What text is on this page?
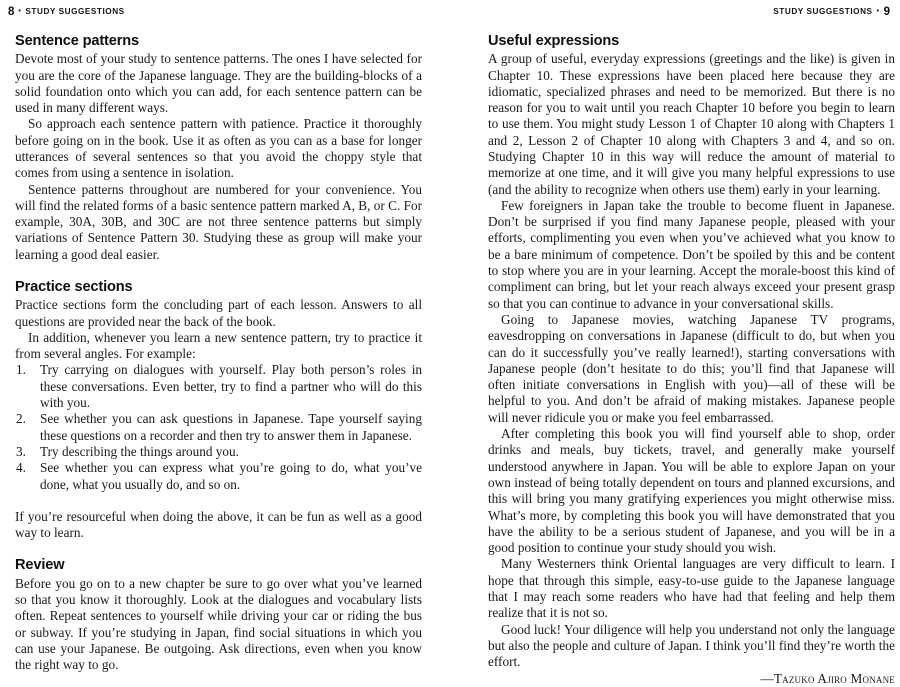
8 • STUDY SUGGESTIONS	STUDY SUGGESTIONS • 9
Sentence patterns

Devote most of your study to sentence patterns. The ones I have selected for you are the core of the Japanese language. They are the building-blocks of a solid foundation onto which you can add, for each sentence pattern can be used in many different ways.

So approach each sentence pattern with patience. Practice it thoroughly before going on in the book. Use it as often as you can as a base for longer utterances of several sentences so that you avoid the choppy style that comes from using a sentence in isolation.

Sentence patterns throughout are numbered for your convenience. You will find the related forms of a basic sentence pattern marked A, B, or C. For example, 30A, 30B, and 30C are not three sentence patterns but simply variations of Sentence Pattern 30. Studying these as group will make your learning a good deal easier.

Practice sections

Practice sections form the concluding part of each lesson. Answers to all questions are provided near the back of the book.

In addition, whenever you learn a new sentence pattern, try to practice it from several angles. For example:

1.	Try carrying on dialogues with yourself. Play both person’s roles in these conversations. Even better, try to find a partner who will do this with you.
2.	See whether you can ask questions in Japanese. Tape yourself saying these questions on a recorder and then try to answer them in Japanese.
3.	Try describing the things around you.
4.	See whether you can express what you’re going to do, what you’ve done, what you usually do, and so on.

If you’re resourceful when doing the above, it can be fun as well as a good way to learn.

Review

Before you go on to a new chapter be sure to go over what you’ve learned so that you know it thoroughly. Look at the dialogues and vocabulary lists often. Repeat sentences to yourself while driving your car or riding the bus or subway. If you’re studying in Japan, find social situations in which you can use your Japanese. Be outgoing. Ask directions, even when you know the right way to go.

Useful expressions

A group of useful, everyday expressions (greetings and the like) is given in Chapter 10. These expressions have been placed here because they are idiomatic, specialized phrases and need to be memorized. But there is no reason for you to wait until you reach Chapter 10 before you begin to learn to use them. You might study Lesson 1 of Chapter 10 along with Chapters 1 and 2, Lesson 2 of Chapter 10 along with Chapters 3 and 4, and so on. Studying Chapter 10 in this way will reduce the amount of material to memorize at one time, and it will give you many helpful expressions to use (and the ability to recognize when others use them) early in your learning.

Few foreigners in Japan take the trouble to become fluent in Japanese. Don’t be surprised if you find many Japanese people, pleased with your efforts, complimenting you even when you’ve achieved what you know to be a bare minimum of competence. Don’t be spoiled by this and be content to stop where you are in your learning. Accept the morale-boost this kind of compliment can bring, but let your reach always exceed your present grasp so that you can continue to advance in your conversational skills.

Going to Japanese movies, watching Japanese TV programs, eavesdropping on conversations in Japanese (difficult to do, but when you can do it successfully you’ve really learned!), starting conversations with Japanese people (don’t hesitate to do this; you’ll find that Japanese will often initiate conversations in English with you)—all of these will be helpful to you. And don’t be afraid of making mistakes. Japanese people will never ridicule you or make you feel embarrassed.

After completing this book you will find yourself able to shop, order drinks and meals, buy tickets, travel, and generally make yourself understood anywhere in Japan. You will be able to explore Japan on your own instead of being totally dependent on tours and planned excursions, and this will bring you many gratifying experiences you might otherwise miss. What’s more, by completing this book you will have demonstrated that you have the ability to be a serious student of Japanese, and you will be in a good position to continue your study should you wish.

Many Westerners think Oriental languages are very difficult to learn. I hope that through this simple, easy-to-use guide to the Japanese language that I may reach some readers who have had that feeling and help them realize that it is not so.

Good luck! Your diligence will help you understand not only the language but also the people and culture of Japan. I think you’ll find they’re worth the effort.

—Tazuko Ajiro Monane
